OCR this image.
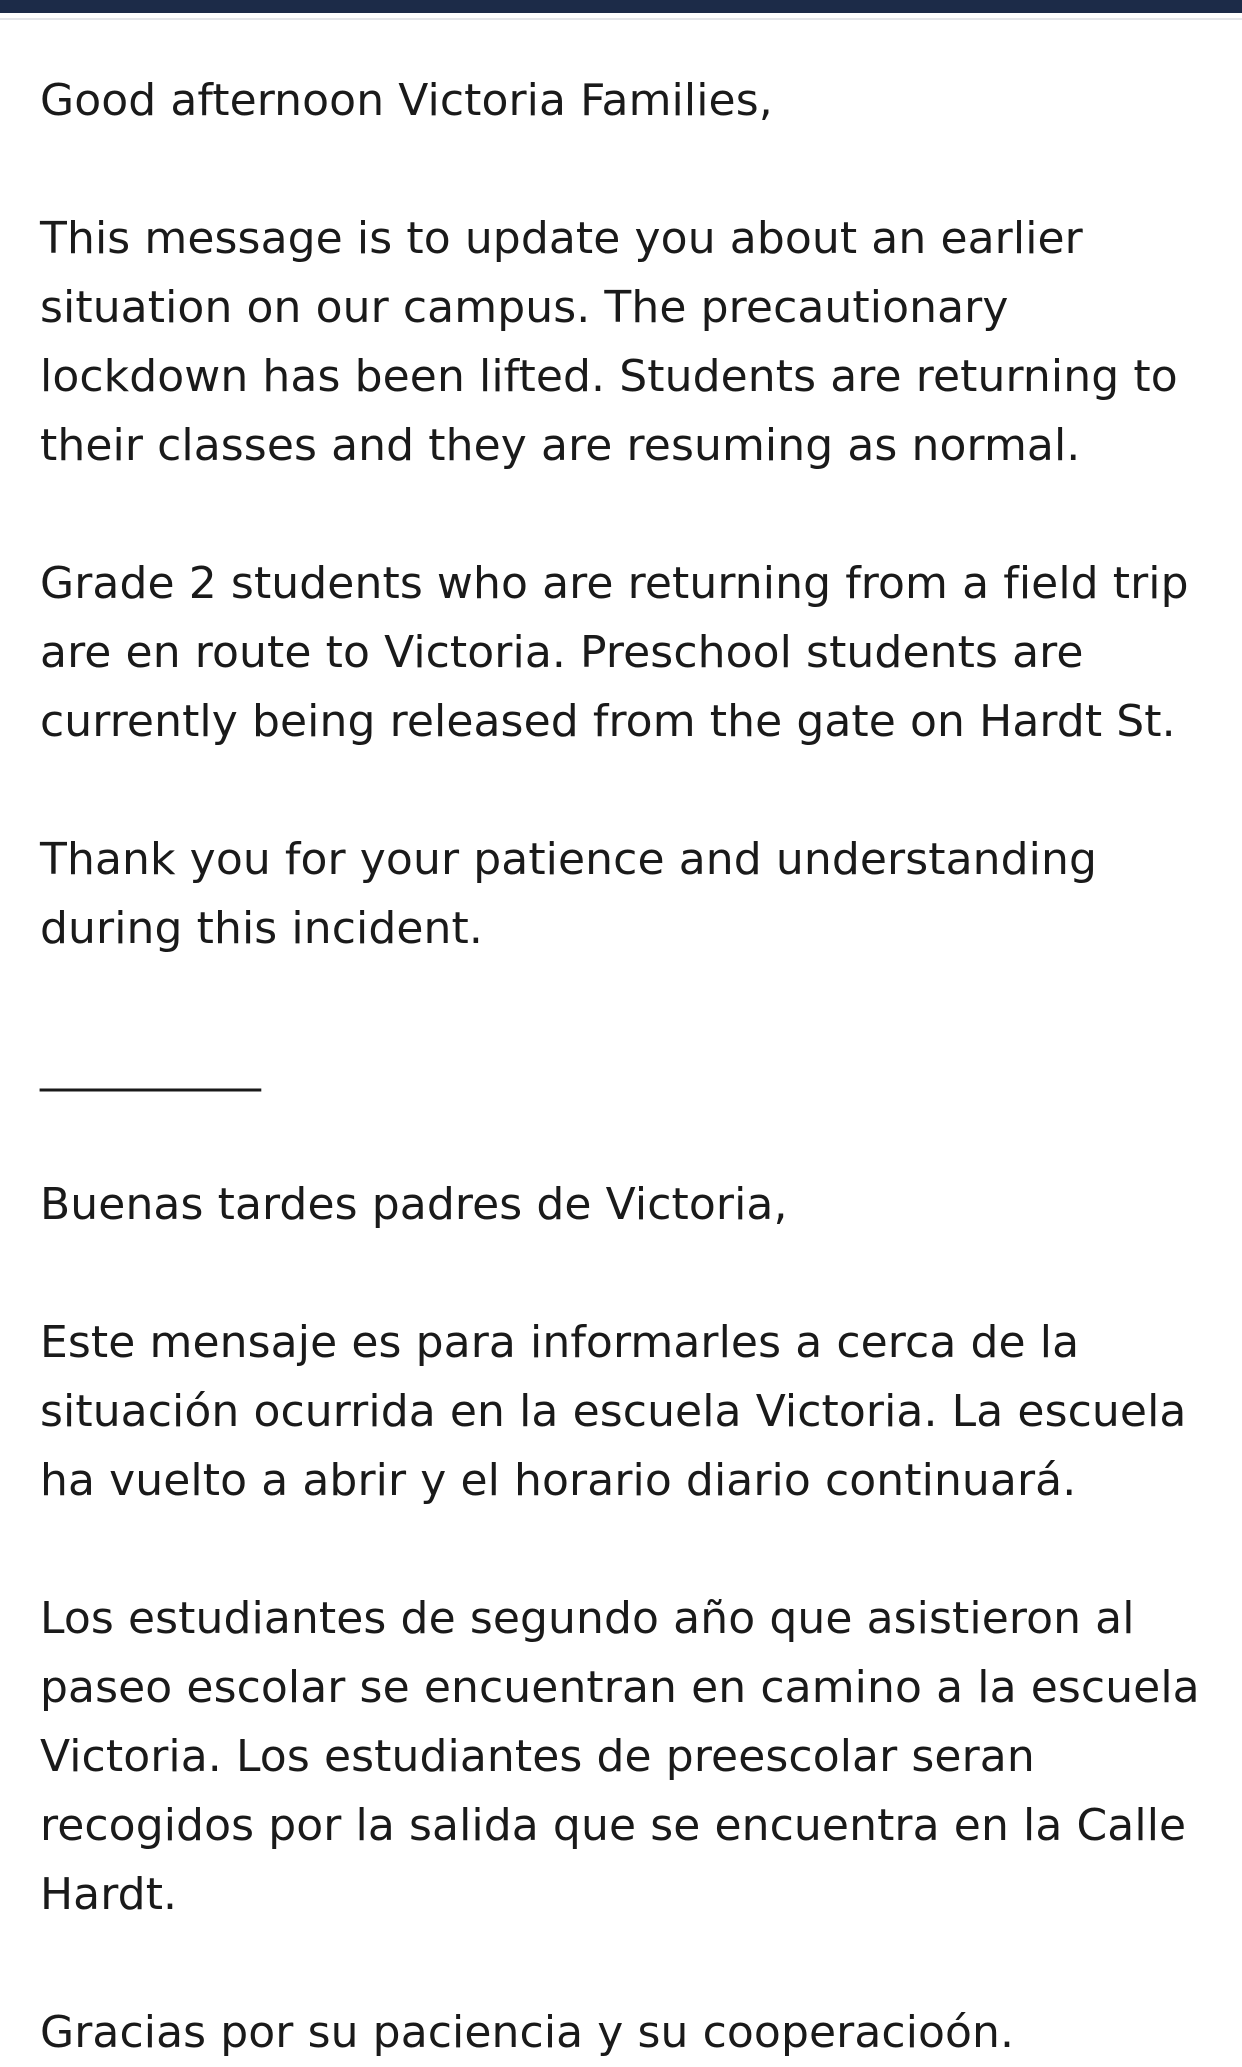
Good afternoon Victoria Families,

This message is to update you about an earlier
situation on our campus. The precautionary
lockdown has been lifted. Students are returning to
their classes and they are resuming as normal.

Grade 2 students who are returning from a field trip
are en route to Victoria. Preschool students are
currently being released from the gate on Hardt St.

Thank you for your patience and understanding
during this incident.

__________

Buenas tardes padres de Victoria,

Este mensaje es para informarles a cerca de la
situación ocurrida en la escuela Victoria. La escuela
ha vuelto a abrir y el horario diario continuará.

Los estudiantes de segundo año que asistieron al
paseo escolar se encuentran en camino a la escuela
Victoria. Los estudiantes de preescolar seran
recogidos por la salida que se encuentra en la Calle
Hardt.

Gracias por su paciencia y su cooperacioón.
